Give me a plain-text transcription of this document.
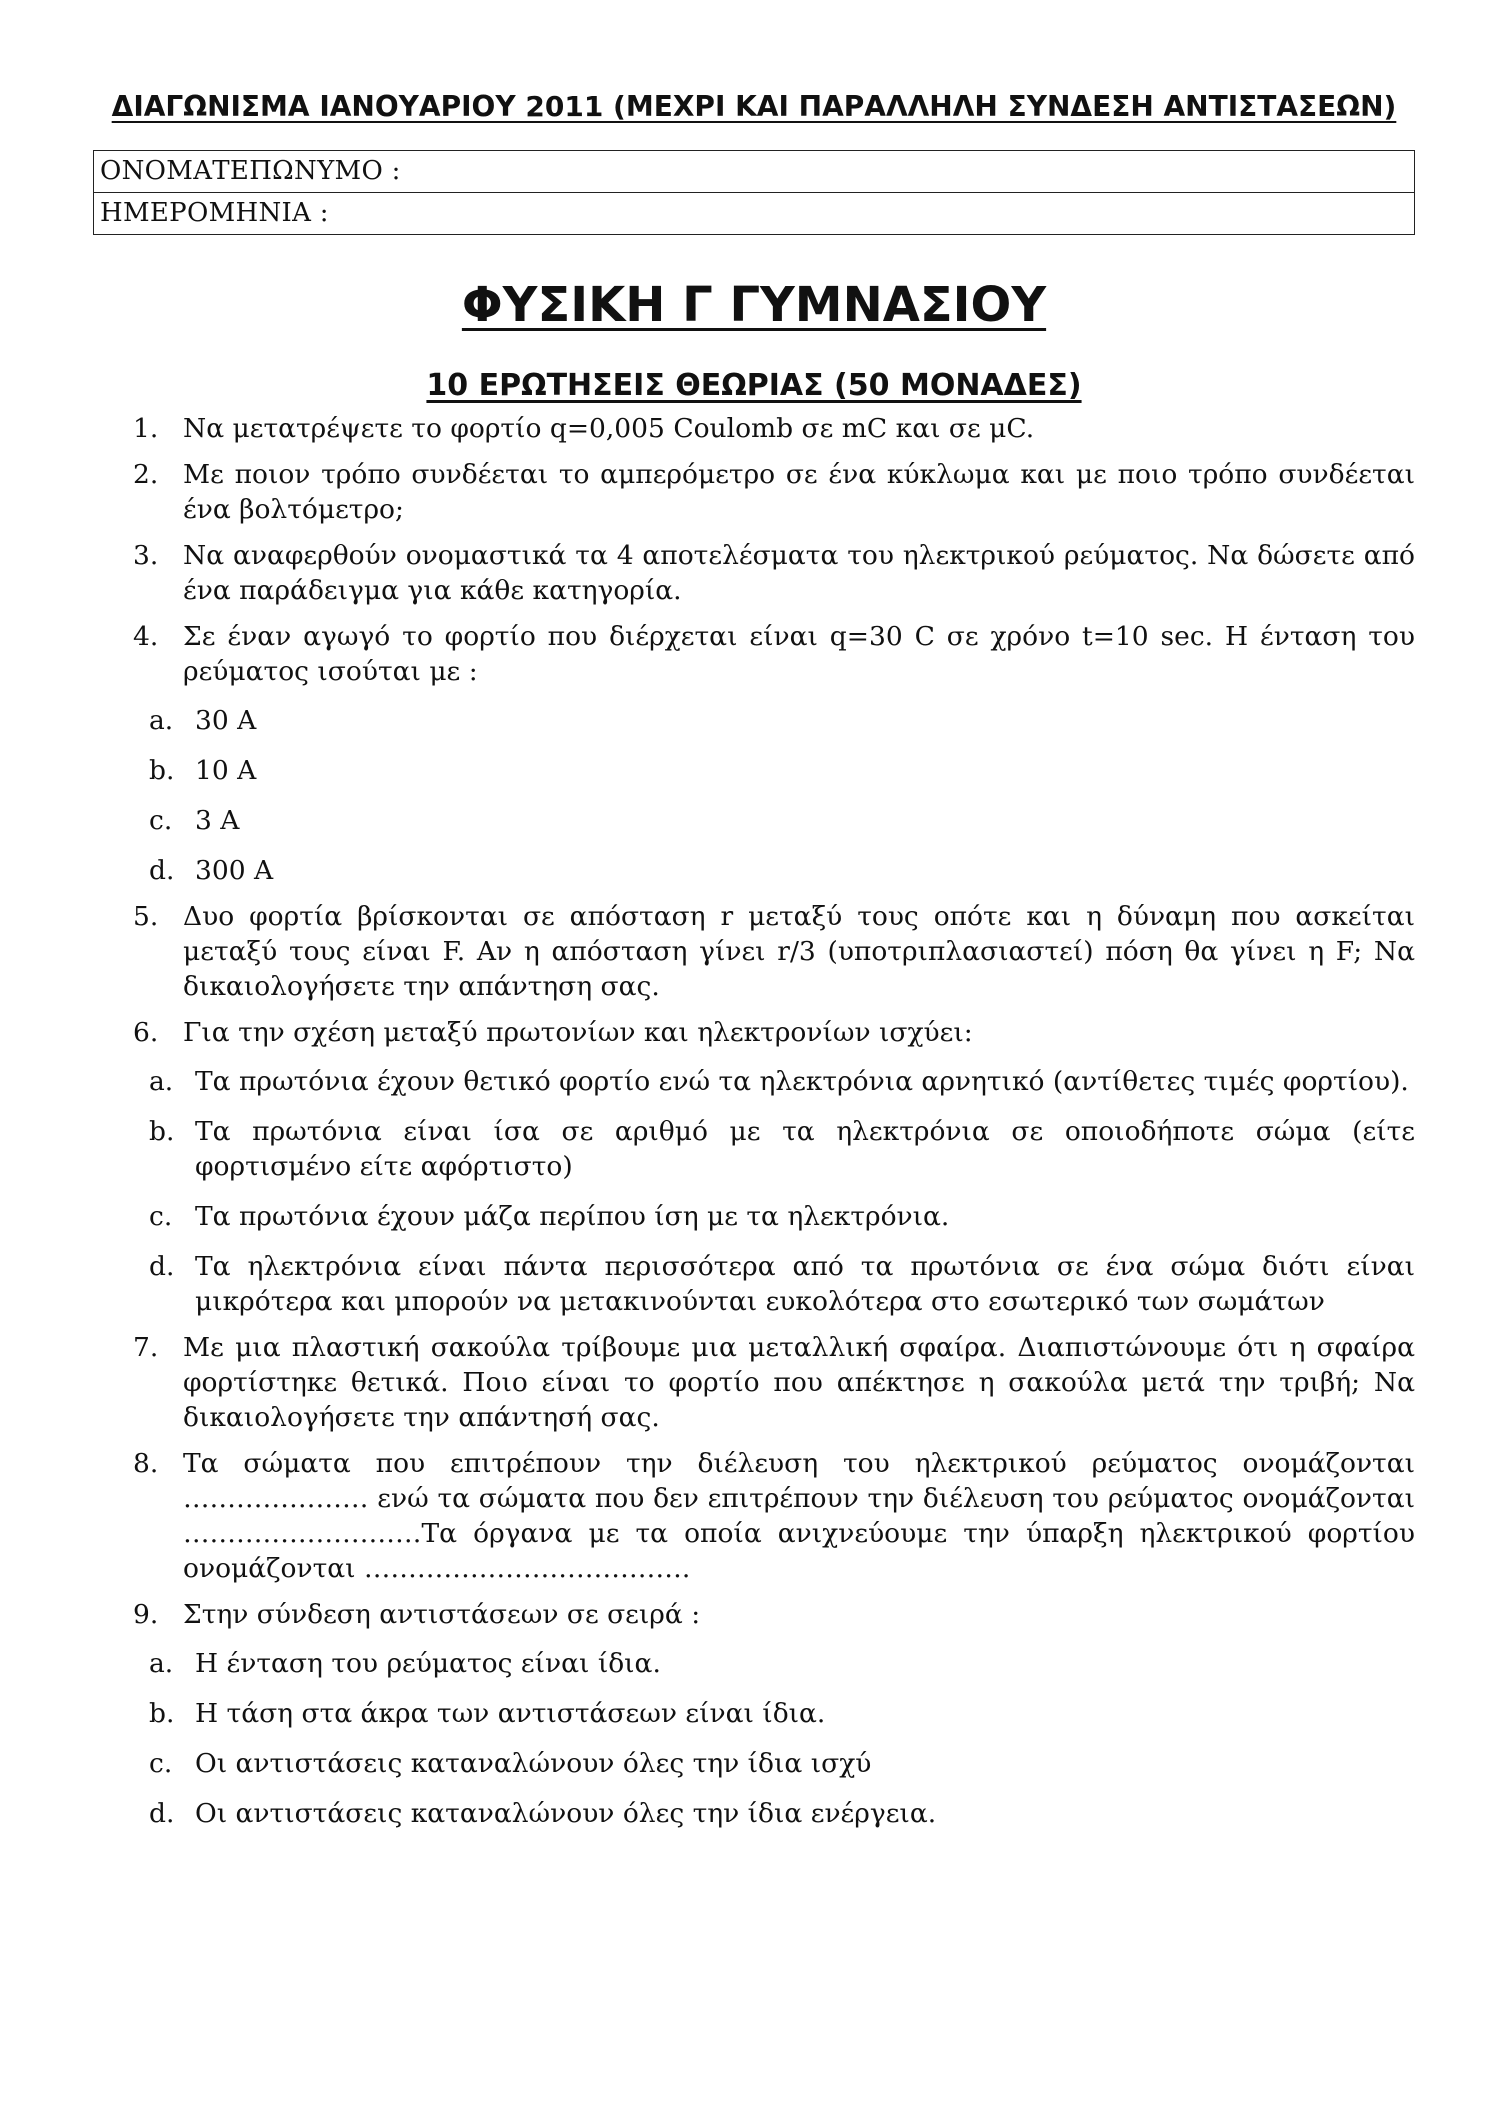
ΔΙΑΓΩΝΙΣΜΑ ΙΑΝΟΥΑΡΙΟΥ 2011 (ΜΕΧΡΙ ΚΑΙ ΠΑΡΑΛΛΗΛΗ ΣΥΝΔΕΣΗ ΑΝΤΙΣΤΑΣΕΩΝ)
ΟΝΟΜΑΤΕΠΩΝΥΜΟ :
ΗΜΕΡΟΜΗΝΙΑ :
ΦΥΣΙΚΗ Γ ΓΥΜΝΑΣΙΟΥ
10 ΕΡΩΤΗΣΕΙΣ ΘΕΩΡΙΑΣ (50 ΜΟΝΑΔΕΣ)
1. Να μετατρέψετε το φορτίο q=0,005 Coulomb σε mC και σε μC.
2. Με ποιον τρόπο συνδέεται το αμπερόμετρο σε ένα κύκλωμα και με ποιο τρόπο συνδέεται ένα βολτόμετρο;
3. Να αναφερθούν ονομαστικά τα 4 αποτελέσματα του ηλεκτρικού ρεύματος. Να δώσετε από ένα παράδειγμα για κάθε κατηγορία.
4. Σε έναν αγωγό το φορτίο που διέρχεται είναι q=30 C σε χρόνο t=10 sec. Η ένταση του ρεύματος ισούται με :
a. 30 A
b. 10 A
c. 3 A
d. 300 A
5. Δυο φορτία βρίσκονται σε απόσταση r μεταξύ τους οπότε και η δύναμη που ασκείται μεταξύ τους είναι F. Αν η απόσταση γίνει r/3 (υποτριπλασιαστεί) πόση θα γίνει η F; Να δικαιολογήσετε την απάντηση σας.
6. Για την σχέση μεταξύ πρωτονίων και ηλεκτρονίων ισχύει:
a. Τα πρωτόνια έχουν θετικό φορτίο ενώ τα ηλεκτρόνια αρνητικό (αντίθετες τιμές φορτίου).
b. Τα πρωτόνια είναι ίσα σε αριθμό με τα ηλεκτρόνια σε οποιοδήποτε σώμα (είτε φορτισμένο είτε αφόρτιστο)
c. Τα πρωτόνια έχουν μάζα περίπου ίση με τα ηλεκτρόνια.
d. Τα ηλεκτρόνια είναι πάντα περισσότερα από τα πρωτόνια σε ένα σώμα διότι είναι μικρότερα και μπορούν να μετακινούνται ευκολότερα στο εσωτερικό των σωμάτων
7. Με μια πλαστική σακούλα τρίβουμε μια μεταλλική σφαίρα. Διαπιστώνουμε ότι η σφαίρα φορτίστηκε θετικά. Ποιο είναι το φορτίο που απέκτησε η σακούλα μετά την τριβή; Να δικαιολογήσετε την απάντησή σας.
8. Τα σώματα που επιτρέπουν την διέλευση του ηλεκτρικού ρεύματος ονομάζονται ………………… ενώ τα σώματα που δεν επιτρέπουν την διέλευση του ρεύματος ονομάζονται ………………………Τα όργανα με τα οποία ανιχνεύουμε την ύπαρξη ηλεκτρικού φορτίου ονομάζονται ……………………………….
9. Στην σύνδεση αντιστάσεων σε σειρά :
a. Η ένταση του ρεύματος είναι ίδια.
b. Η τάση στα άκρα των αντιστάσεων είναι ίδια.
c. Οι αντιστάσεις καταναλώνουν όλες την ίδια ισχύ
d. Οι αντιστάσεις καταναλώνουν όλες την ίδια ενέργεια.
